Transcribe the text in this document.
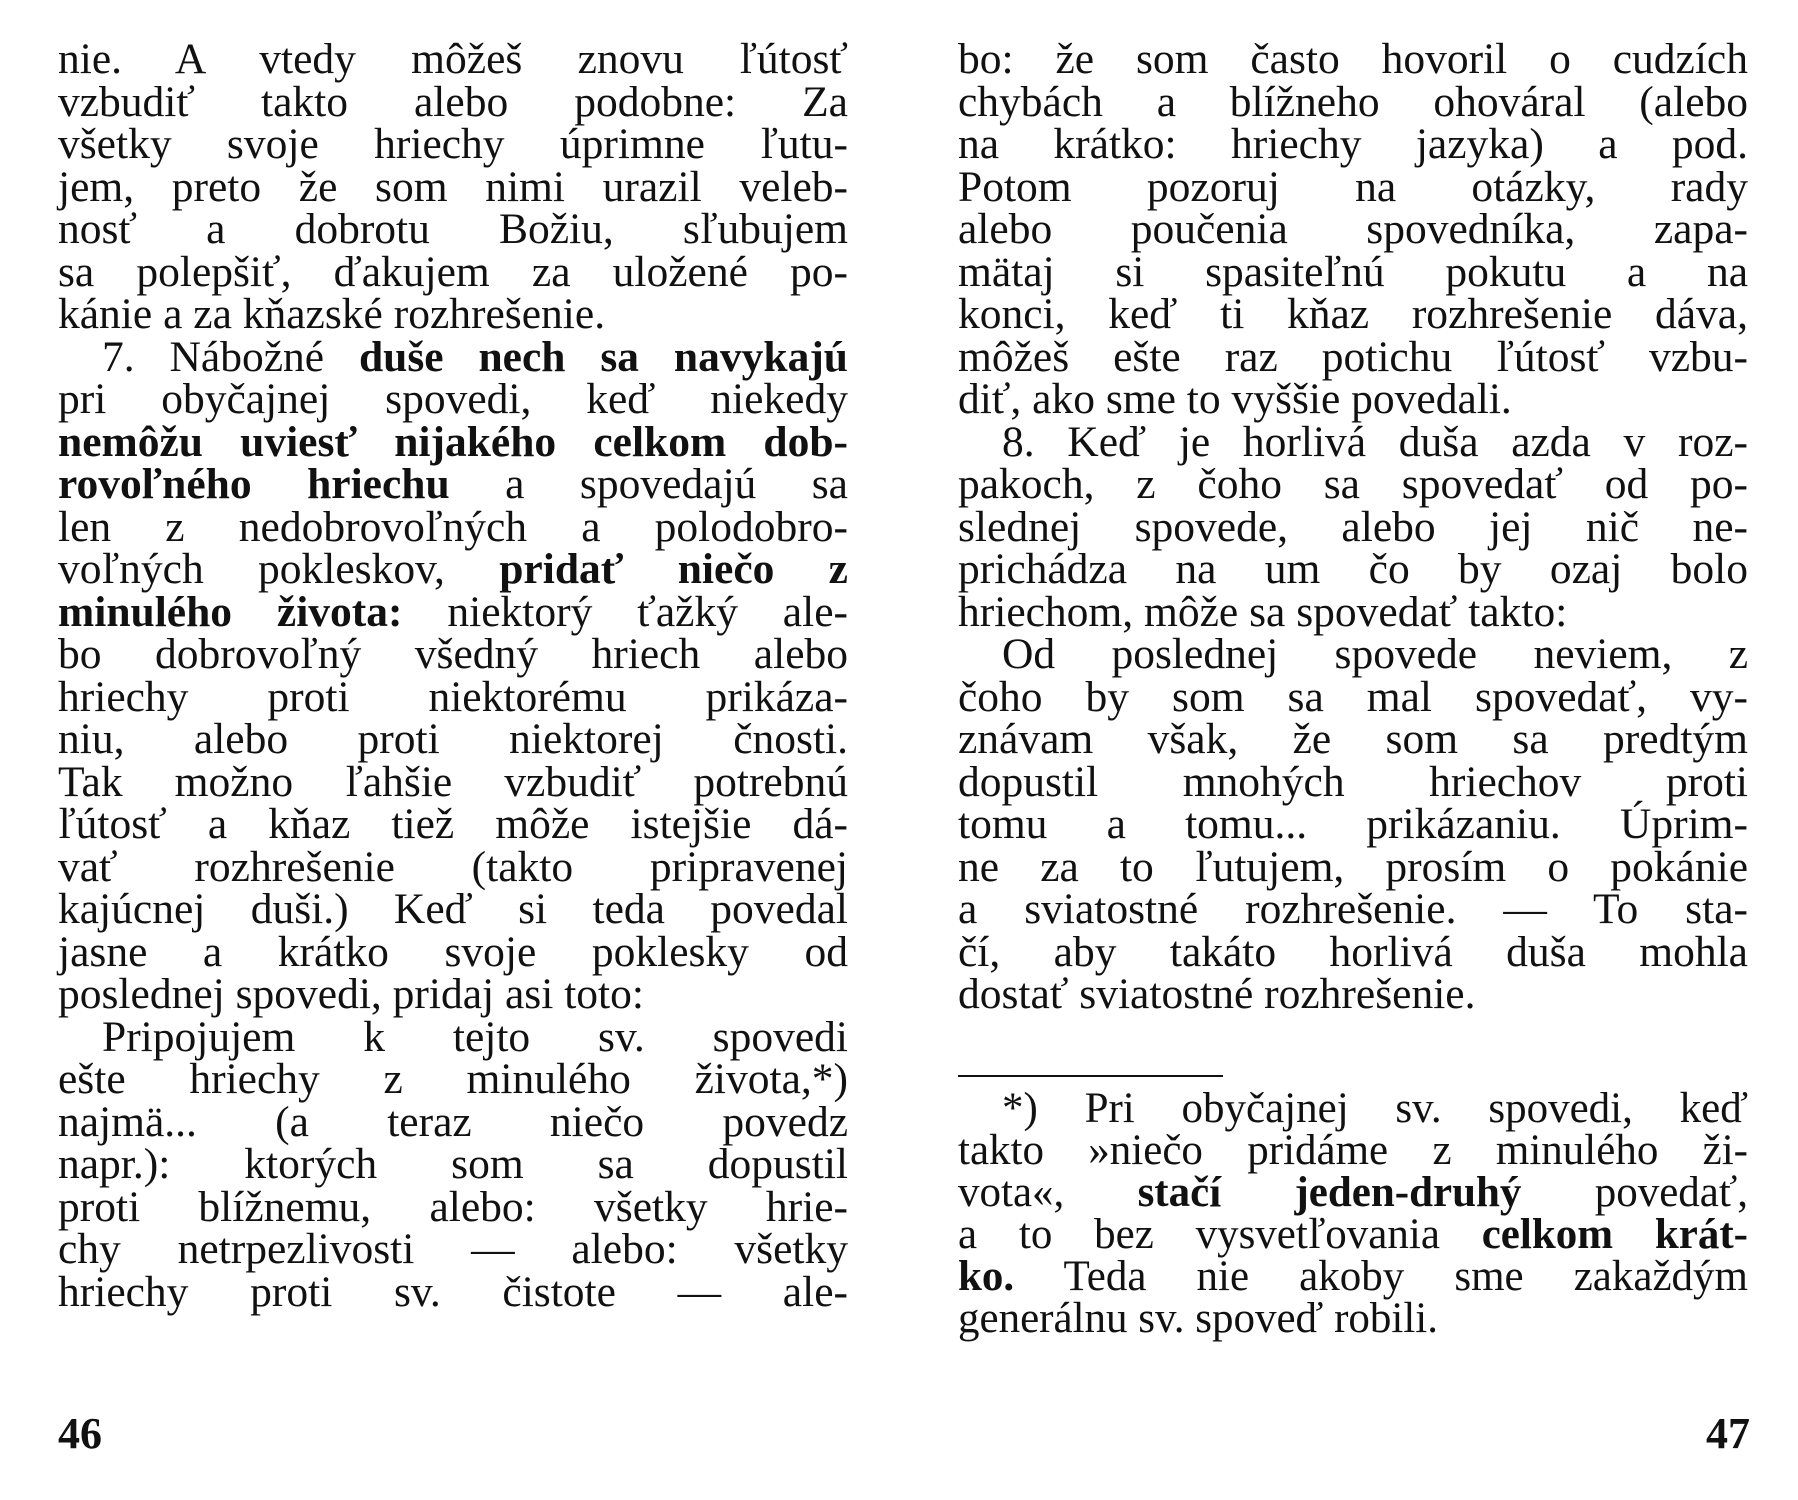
nie. A vtedy môžeš znovu ľútosť
vzbudiť takto alebo podobne: Za
všetky svoje hriechy úprimne ľutu-
jem, preto že som nimi urazil veleb-
nosť a dobrotu Božiu, sľubujem
sa polepšiť, ďakujem za uložené po-
kánie a za kňazské rozhrešenie.
7. Nábožné duše nech sa navykajú
pri obyčajnej spovedi, keď niekedy
nemôžu uviesť nijakého celkom dob-
rovoľného hriechu a spovedajú sa
len z nedobrovoľných a polodobro-
voľných pokleskov, pridať niečo z
minulého života: niektorý ťažký ale-
bo dobrovoľný všedný hriech alebo
hriechy proti niektorému prikáza-
niu, alebo proti niektorej čnosti.
Tak možno ľahšie vzbudiť potrebnú
ľútosť a kňaz tiež môže istejšie dá-
vať rozhrešenie (takto pripravenej
kajúcnej duši.) Keď si teda povedal
jasne a krátko svoje poklesky od
poslednej spovedi, pridaj asi toto:
Pripojujem k tejto sv. spovedi
ešte hriechy z minulého života,*)
najmä... (a teraz niečo povedz
napr.): ktorých som sa dopustil
proti blížnemu, alebo: všetky hrie-
chy netrpezlivosti — alebo: všetky
hriechy proti sv. čistote — ale-
bo: že som často hovoril o cudzích
chybách a blížneho ohováral (alebo
na krátko: hriechy jazyka) a pod.
Potom pozoruj na otázky, rady
alebo poučenia spovedníka, zapa-
mätaj si spasiteľnú pokutu a na
konci, keď ti kňaz rozhrešenie dáva,
môžeš ešte raz potichu ľútosť vzbu-
diť, ako sme to vyššie povedali.
8. Keď je horlivá duša azda v roz-
pakoch, z čoho sa spovedať od po-
slednej spovede, alebo jej nič ne-
prichádza na um čo by ozaj bolo
hriechom, môže sa spovedať takto:
Od poslednej spovede neviem, z
čoho by som sa mal spovedať, vy-
znávam však, že som sa predtým
dopustil mnohých hriechov proti
tomu a tomu... prikázaniu. Úprim-
ne za to ľutujem, prosím o pokánie
a sviatostné rozhrešenie. — To sta-
čí, aby takáto horlivá duša mohla
dostať sviatostné rozhrešenie.
*) Pri obyčajnej sv. spovedi, keď
takto »niečo pridáme z minulého ži-
vota«, stačí jeden-druhý povedať,
a to bez vysvetľovania celkom krát-
ko. Teda nie akoby sme zakaždým
generálnu sv. spoveď robili.
46	47
